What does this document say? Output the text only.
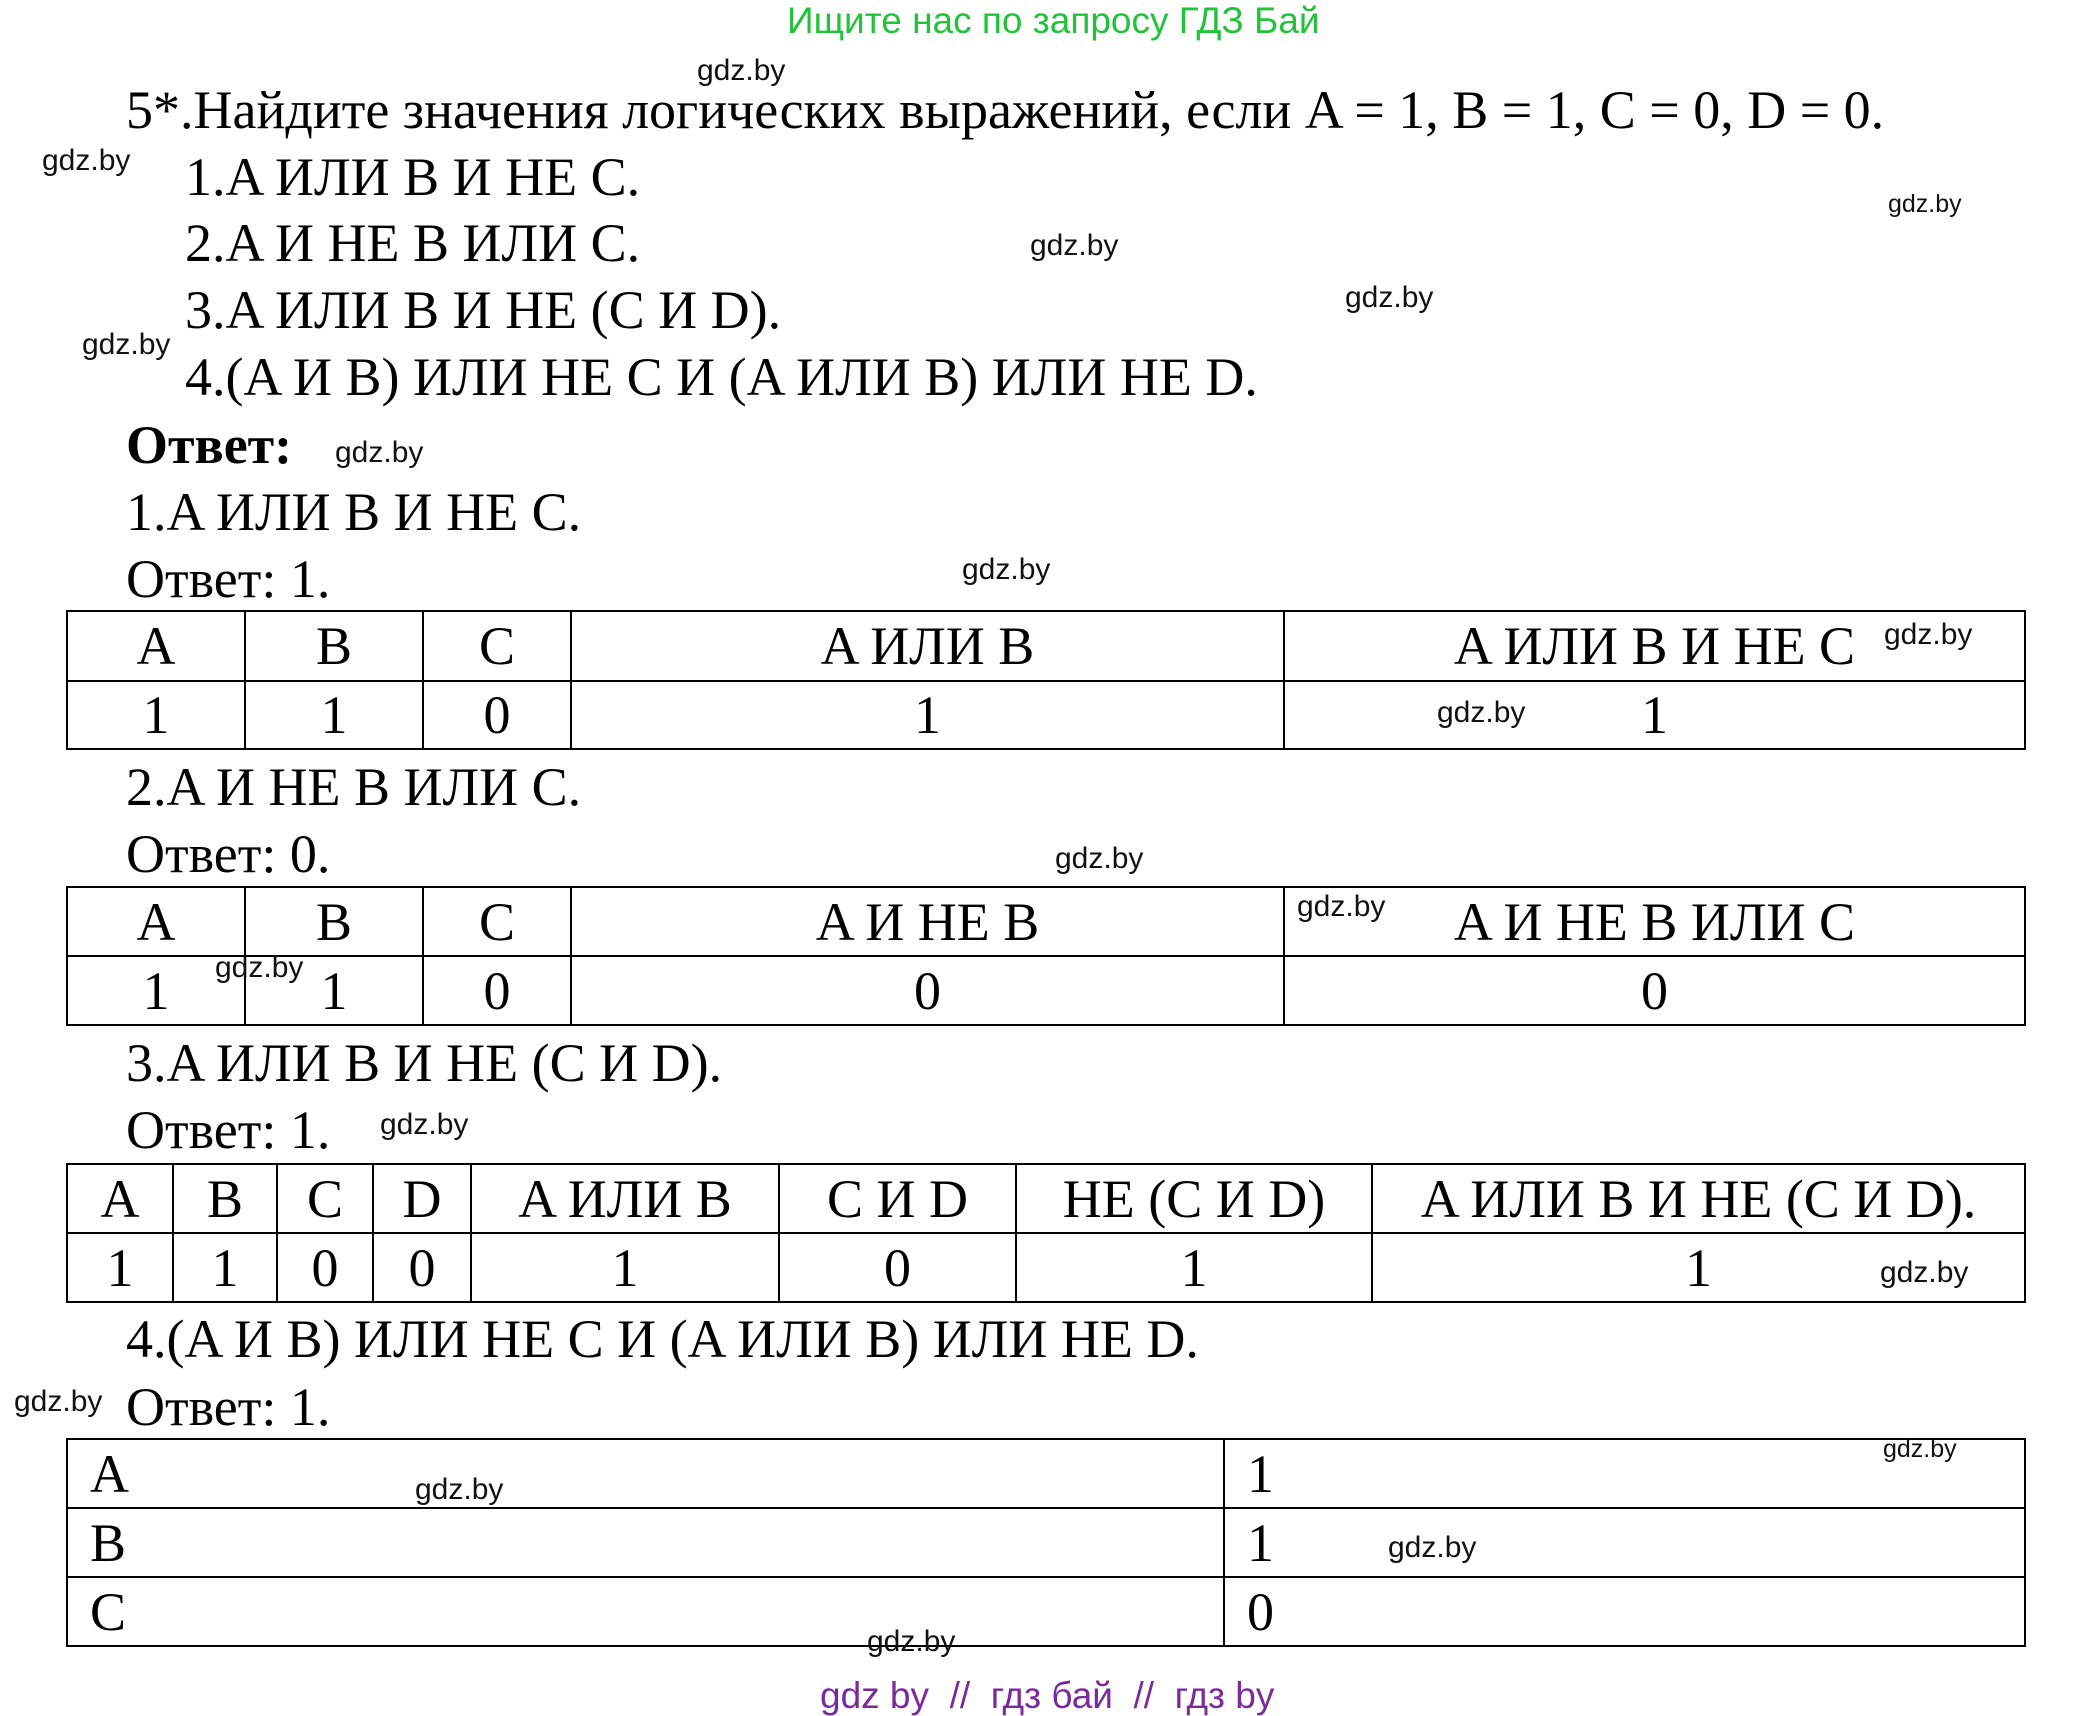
Ищите нас по запросу ГДЗ Бай
5*.Найдите значения логических выражений, если A = 1, B = 1, C = 0, D = 0.
1.A ИЛИ B И НЕ C.
2.A И НЕ B ИЛИ C.
3.A ИЛИ B И НЕ (C И D).
4.(A И B) ИЛИ НЕ C И (A ИЛИ B) ИЛИ НЕ D.
Ответ:
1.A ИЛИ B И НЕ C.
Ответ: 1.
A	B	C	A ИЛИ B	A ИЛИ B И НЕ C
1	1	0	1	1
2.A И НЕ B ИЛИ C.
Ответ: 0.
A	B	C	A И НЕ B	A И НЕ B ИЛИ C
1	1	0	0	0
3.A ИЛИ B И НЕ (C И D).
Ответ: 1.
A	B	C	D	A ИЛИ B	C И D	НЕ (C И D)	A ИЛИ B И НЕ (C И D).
1	1	0	0	1	0	1	1
4.(A И B) ИЛИ НЕ C И (A ИЛИ B) ИЛИ НЕ D.
Ответ: 1.
A	1
B	1
C	0
gdz.by
gdz.by
gdz.by
gdz.by
gdz.by
gdz.by
gdz.by
gdz.by
gdz.by
gdz.by
gdz.by
gdz.by
gdz.by
gdz.by
gdz.by
gdz.by
gdz.by
gdz.by
gdz.by
gdz.by
gdz by  //  гдз бай  //  гдз by
